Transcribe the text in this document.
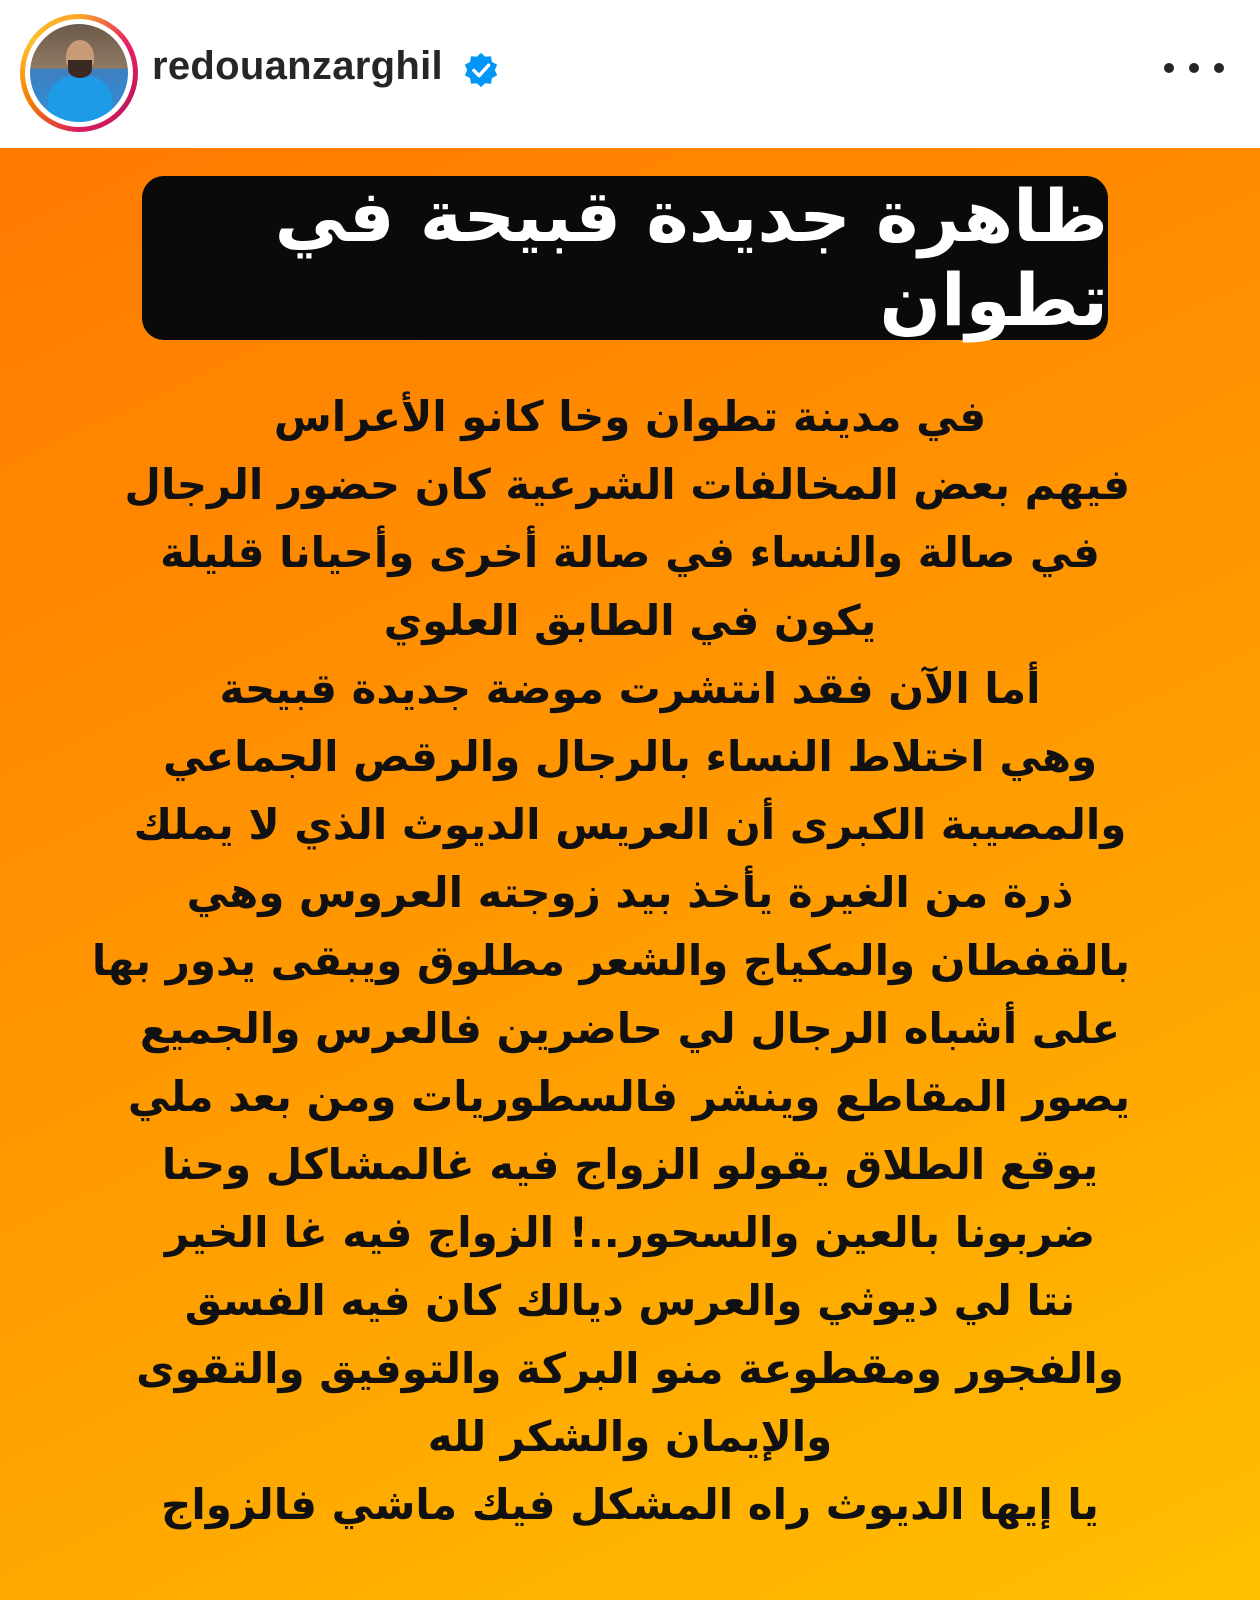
redouanzarghil
ظاهرة جديدة قبيحة في تطوان
في مدينة تطوان وخا كانو الأعراس
فيهم بعض المخالفات الشرعية كان حضور الرجال
في صالة والنساء في صالة أخرى وأحيانا قليلة
يكون في الطابق العلوي
أما الآن فقد انتشرت موضة جديدة قبيحة
وهي اختلاط النساء بالرجال والرقص الجماعي
والمصيبة الكبرى أن العريس الديوث الذي لا يملك
ذرة من الغيرة يأخذ بيد زوجته العروس وهي
بالقفطان والمكياج والشعر مطلوق ويبقى يدور بها
على أشباه الرجال لي حاضرين فالعرس والجميع
يصور المقاطع وينشر فالسطوريات ومن بعد ملي
يوقع الطلاق يقولو الزواج فيه غالمشاكل وحنا
ضربونا بالعين والسحور..! الزواج فيه غا الخير
نتا لي ديوثي والعرس ديالك كان فيه الفسق
والفجور ومقطوعة منو البركة والتوفيق والتقوى
والإيمان والشكر لله
يا إيها الديوث راه المشكل فيك ماشي فالزواج
